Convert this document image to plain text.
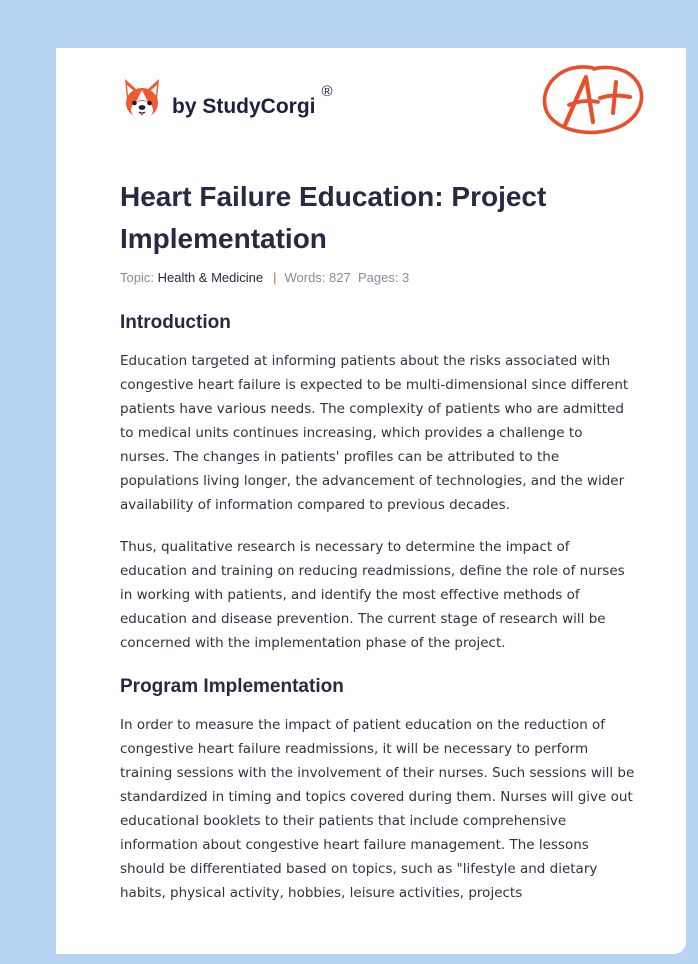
by StudyCorgi
®
Heart Failure Education: Project Implementation
Topic: Health & Medicine | Words: 827 Pages: 3
Introduction

Education targeted at informing patients about the risks associated with congestive heart failure is expected to be multi-dimensional since different patients have various needs. The complexity of patients who are admitted to medical units continues increasing, which provides a challenge to nurses. The changes in patients' profiles can be attributed to the populations living longer, the advancement of technologies, and the wider availability of information compared to previous decades.

Thus, qualitative research is necessary to determine the impact of education and training on reducing readmissions, define the role of nurses in working with patients, and identify the most effective methods of education and disease prevention. The current stage of research will be concerned with the implementation phase of the project.

Program Implementation

In order to measure the impact of patient education on the reduction of congestive heart failure readmissions, it will be necessary to perform training sessions with the involvement of their nurses. Such sessions will be standardized in timing and topics covered during them. Nurses will give out educational booklets to their patients that include comprehensive information about congestive heart failure management. The lessons should be differentiated based on topics, such as "lifestyle and dietary habits, physical activity, hobbies, leisure activities, projects
